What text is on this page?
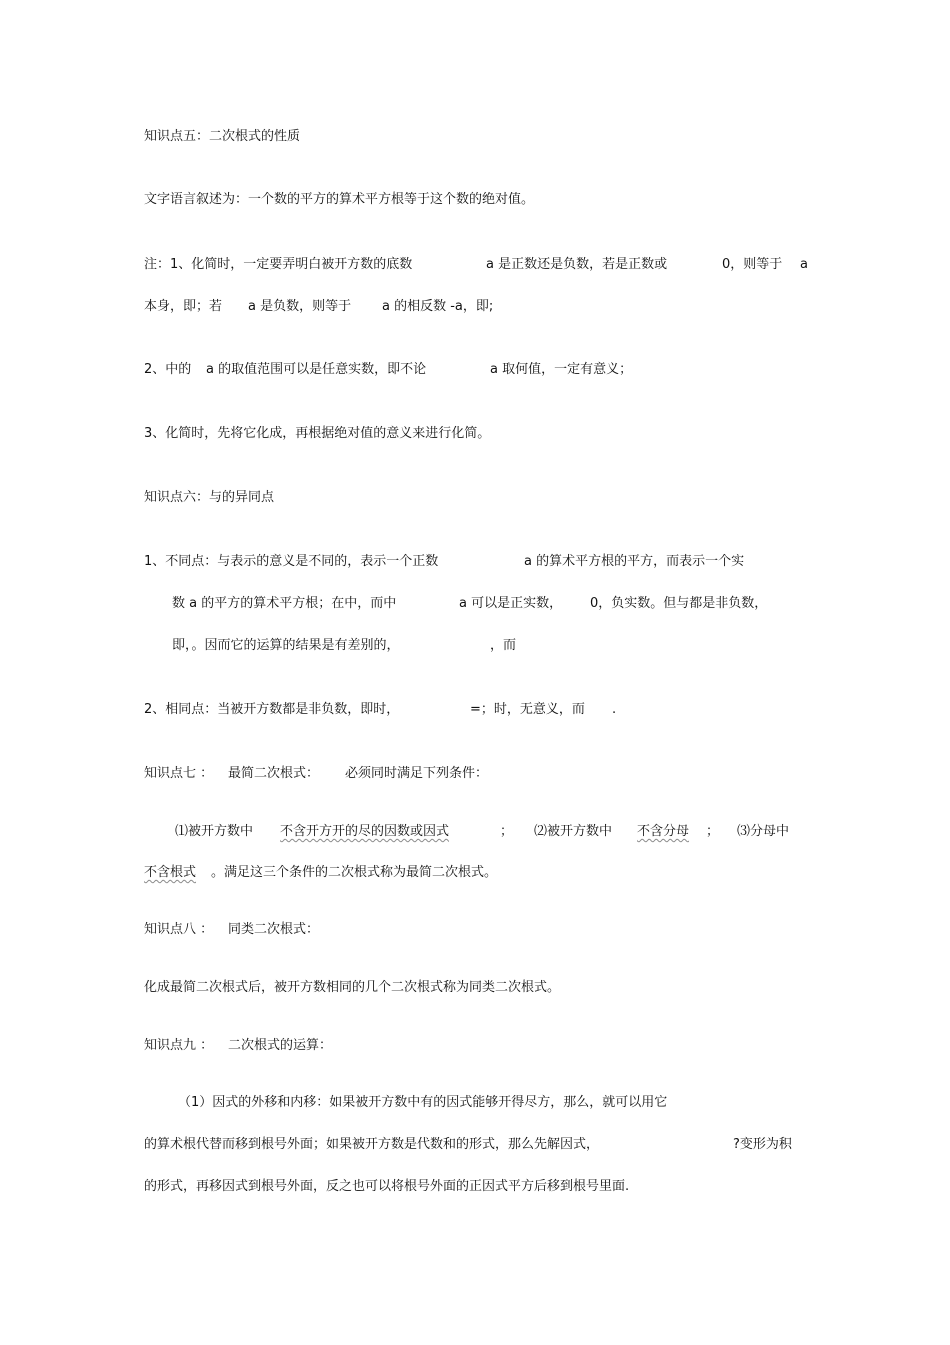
知识点五：二次根式的性质
文字语言叙述为：一个数的平方的算术平方根等于这个数的绝对值。
注：1、化简时，一定要弄明白被开方数的底数	a 是正数还是负数，若是正数或	0，则等于 a
本身，即；若 a 是负数，则等于 a 的相反数 -a，即;
2、中的 a 的取值范围可以是任意实数，即不论	a 取何值，一定有意义；
3、化简时，先将它化成，再根据绝对值的意义来进行化简。
知识点六：与的异同点
1、不同点：与表示的意义是不同的，表示一个正数	a 的算术平方根的平方，而表示一个实
数 a 的平方的算术平方根；在中，而中	a 可以是正实数， 0，负实数。但与都是非负数，
即，。因而它的运算的结果是有差别的，	，而
2、相同点：当被开方数都是非负数，即时，	=；时，无意义，而 .
知识点七 ： 最简二次根式： 必须同时满足下列条件：
⑴被开方数中 不含开方开的尽的因数或因式	； ⑵被开方数中 不含分母 ； ⑶分母中
不含根式 。满足这三个条件的二次根式称为最简二次根式。
知识点八 ： 同类二次根式：
化成最简二次根式后，被开方数相同的几个二次根式称为同类二次根式。
知识点九 ： 二次根式的运算：
（1）因式的外移和内移：如果被开方数中有的因式能够开得尽方，那么，就可以用它
的算术根代替而移到根号外面；如果被开方数是代数和的形式，那么先解因式，	?变形为积
的形式，再移因式到根号外面，反之也可以将根号外面的正因式平方后移到根号里面.
